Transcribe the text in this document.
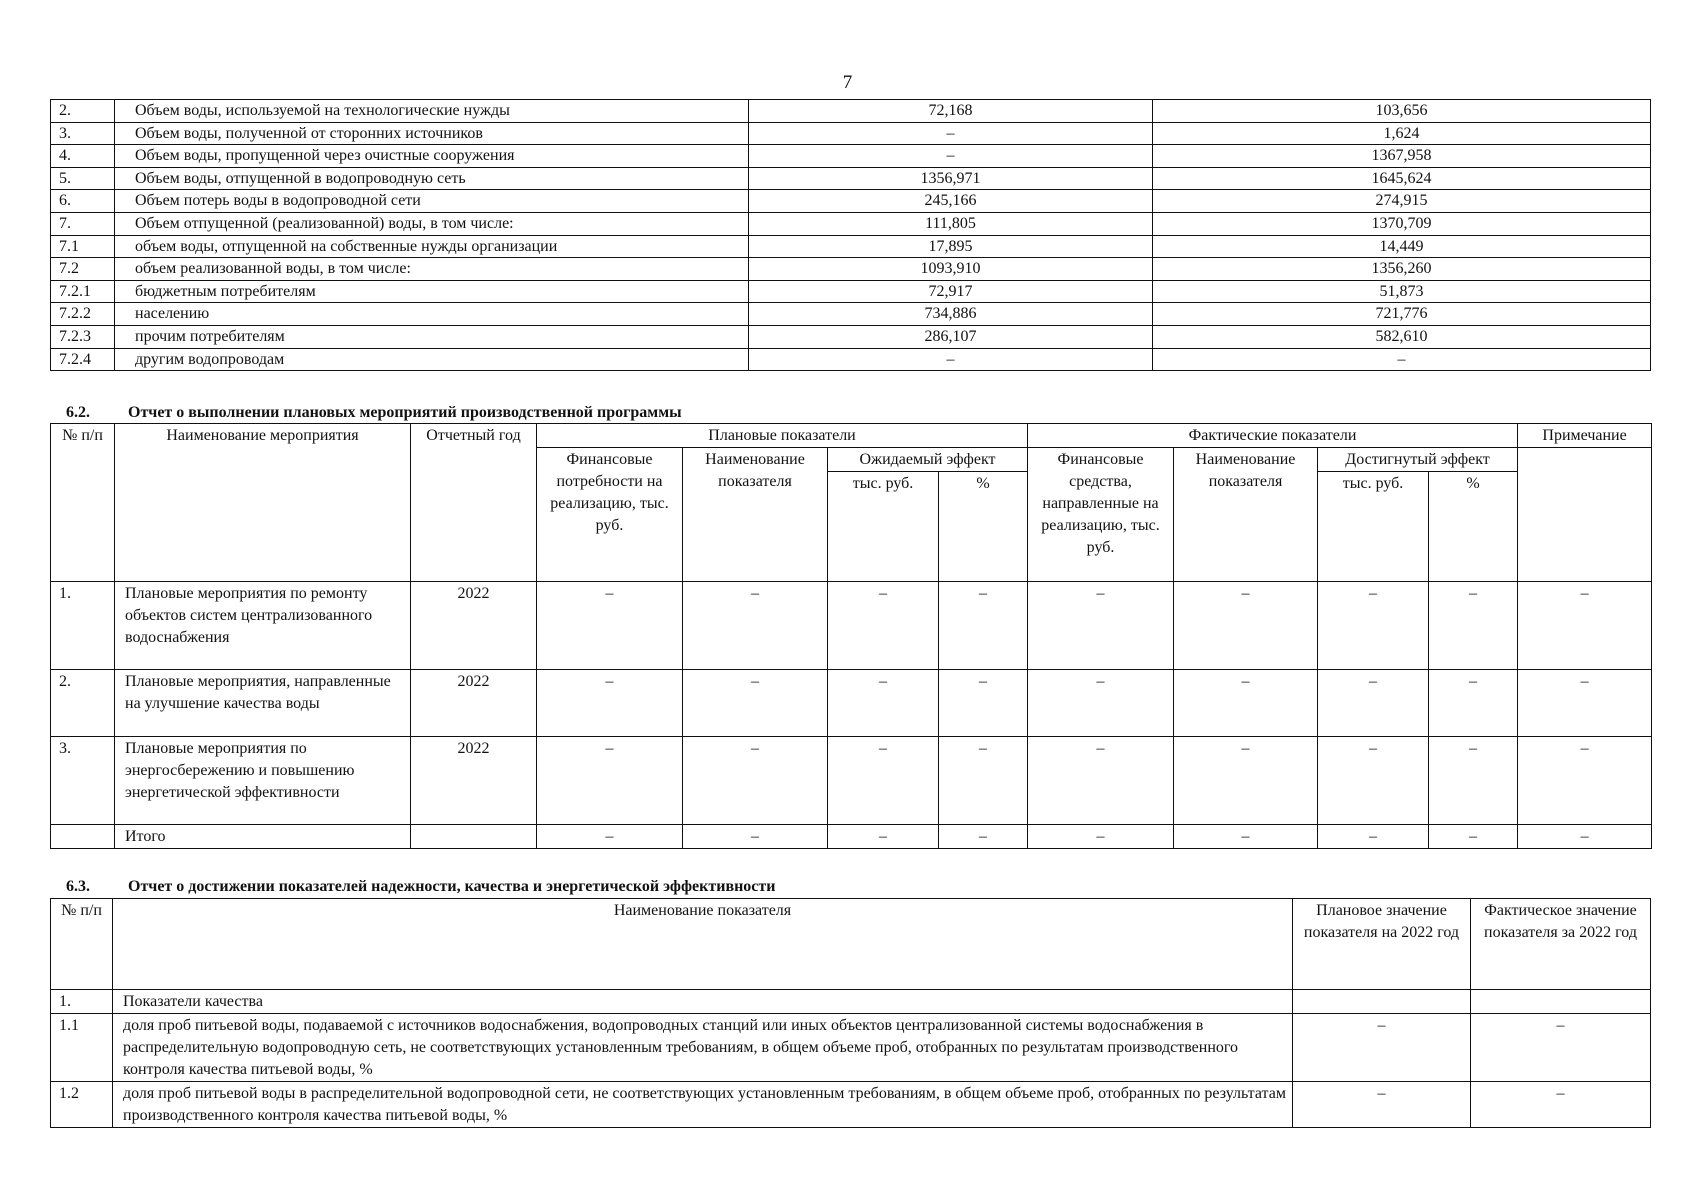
7
2.	Объем воды, используемой на технологические нужды	72,168	103,656
3.	Объем воды, полученной от сторонних источников	–	1,624
4.	Объем воды, пропущенной через очистные сооружения	–	1367,958
5.	Объем воды, отпущенной в водопроводную сеть	1356,971	1645,624
6.	Объем потерь воды в водопроводной сети	245,166	274,915
7.	Объем отпущенной (реализованной) воды, в том числе:	111,805	1370,709
7.1	объем воды, отпущенной на собственные нужды организации	17,895	14,449
7.2	объем реализованной воды, в том числе:	1093,910	1356,260
7.2.1	бюджетным потребителям	72,917	51,873
7.2.2	населению	734,886	721,776
7.2.3	прочим потребителям	286,107	582,610
7.2.4	другим водопроводам	–	–
6.2. Отчет о выполнении плановых мероприятий производственной программы
№ п/п	Наименование мероприятия	Отчетный год	Плановые показатели				Фактические показатели				Примечание
			Финансовые потребности на реализацию, тыс. руб.	Наименование показателя	Ожидаемый эффект		Финансовые средства, направленные на реализацию, тыс. руб.	Наименование показателя	Достигнутый эффект		
					тыс. руб.	%			тыс. руб.	%	
1.	Плановые мероприятия по ремонту объектов систем централизованного водоснабжения	2022	–	–	–	–	–	–	–	–	–
2.	Плановые мероприятия, направленные на улучшение качества воды	2022	–	–	–	–	–	–	–	–	–
3.	Плановые мероприятия по энергосбережению и повышению энергетической эффективности	2022	–	–	–	–	–	–	–	–	–
	Итого		–	–	–	–	–	–	–	–	–
6.3. Отчет о достижении показателей надежности, качества и энергетической эффективности
№ п/п	Наименование показателя	Плановое значение показателя на 2022 год	Фактическое значение показателя за 2022 год
1.	Показатели качества		
1.1	доля проб питьевой воды, подаваемой с источников водоснабжения, водопроводных станций или иных объектов централизованной системы водоснабжения в распределительную водопроводную сеть, не соответствующих установленным требованиям, в общем объеме проб, отобранных по результатам производственного контроля качества питьевой воды, %	–	–
1.2	доля проб питьевой воды в распределительной водопроводной сети, не соответствующих установленным требованиям, в общем объеме проб, отобранных по результатам производственного контроля качества питьевой воды, %	–	–
